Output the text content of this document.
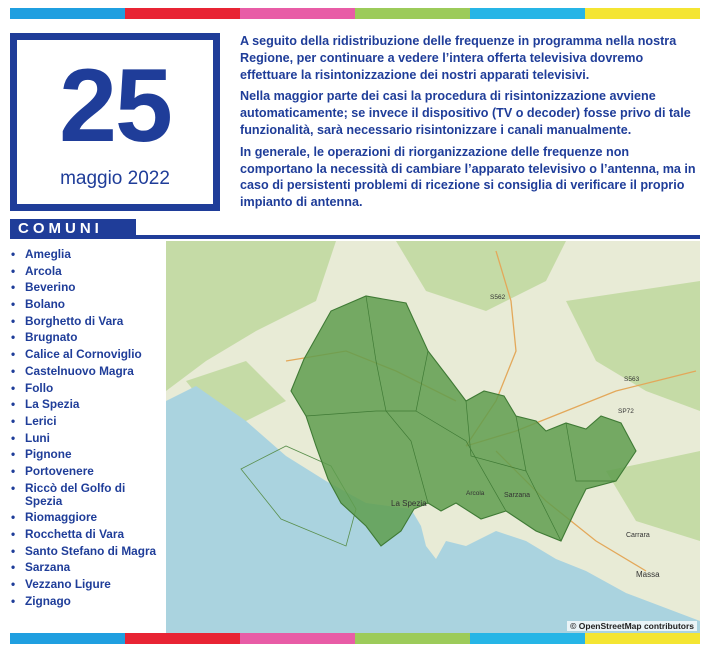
25
maggio 2022

A seguito della ridistribuzione delle frequenze in programma nella nostra Regione, per continuare a vedere l’intera offerta televisiva dovremo effettuare la risintonizzazione dei nostri apparati televisivi.

Nella maggior parte dei casi la procedura di risintonizzazione avviene automaticamente; se invece il dispositivo (TV o decoder) fosse privo di tale funzionalità, sarà necessario risintonizzare i canali manualmente.

In generale, le operazioni di riorganizzazione delle frequenze non comportano la necessità di cambiare l’apparato televisivo o l’antenna, ma in caso di persistenti problemi di ricezione si consiglia di verificare il proprio impianto di antenna.

COMUNI
• Ameglia
• Arcola
• Beverino
• Bolano
• Borghetto di Vara
• Brugnato
• Calice al Cornoviglio
• Castelnuovo Magra
• Follo
• La Spezia
• Lerici
• Luni
• Pignone
• Portovenere
• Riccò del Golfo di Spezia
• Riomaggiore
• Rocchetta di Vara
• Santo Stefano di Magra
• Sarzana
• Vezzano Ligure
• Zignago
S562
S563
SP72
La Spezia
Sarzana
Arcola
Carrara
Massa
© OpenStreetMap contributors
